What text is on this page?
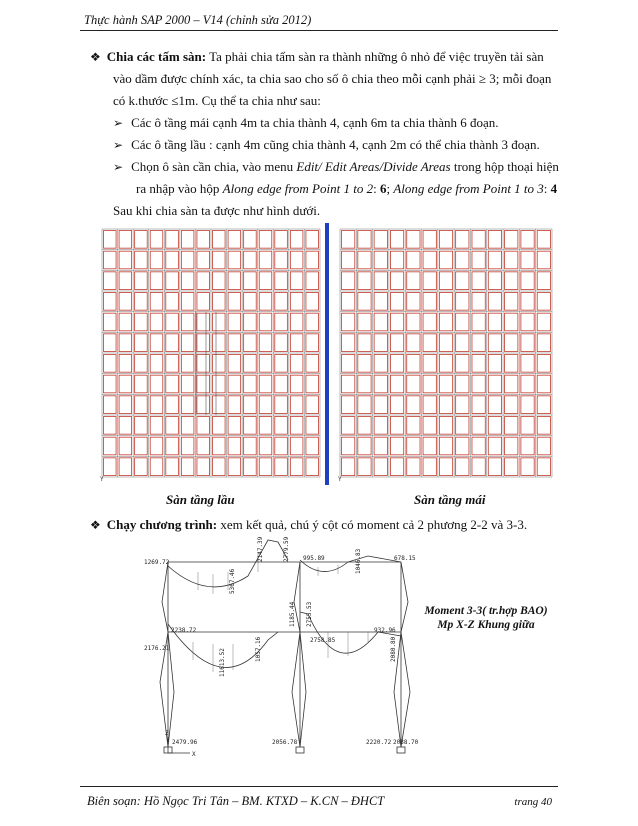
Thực hành SAP 2000 – V14 (chỉnh sửa 2012)
❖ Chia các tấm sàn: Ta phải chia tấm sàn ra thành những ô nhỏ để việc truyền tải sàn
vào dầm được chính xác, ta chia sao cho số ô chia theo mỗi cạnh phải ≥ 3; mỗi đoạn
có k.thước ≤1m. Cụ thể ta chia như sau:
➢ Các ô tầng mái cạnh 4m ta chia thành 4, cạnh 6m ta chia thành 6 đoạn.
➢ Các ô tầng lầu : cạnh 4m cũng chia thành 4, cạnh 2m có thể chia thành 3 đoạn.
➢ Chọn ô sàn cần chia, vào menu Edit/ Edit Areas/Divide Areas trong hộp thoại hiện
ra nhập vào hộp Along edge from Point 1 to 2: 6; Along edge from Point 1 to 3: 4
Sau khi chia sàn ta được như hình dưới.
Y	Y
Sàn tầng lầu	Sàn tầng mái
❖ Chạy chương trình: xem kết quả, chú ý cột có moment cả 2 phương 2-2 và 3-3.
1269.72
5367.46
2147.39	2779.59 995.89	1046.83	678.15
2176.21
2238.72
11613.52	1057.16
1185.44 2755.53
2758.85
932.96
2080.80
2479.96	2056.78	2220.72 2038.70
X
Z
Moment 3-3( tr.hợp BAO)
Mp X-Z Khung giữa
Biên soạn: Hồ Ngọc Tri Tân – BM. KTXD – K.CN – ĐHCT	trang 40
